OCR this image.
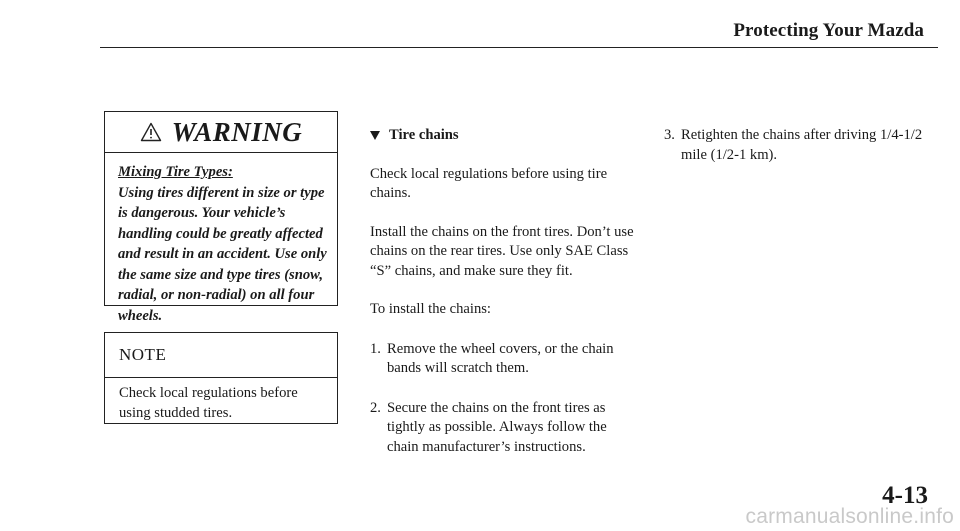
Protecting Your Mazda
WARNING
Mixing Tire Types:
Using tires different in size or type is dangerous. Your vehicle’s handling could be greatly affected and result in an accident. Use only the same size and type tires (snow, radial, or non-radial) on all four wheels.
NOTE
Check local regulations before using studded tires.
Tire chains

Check local regulations before using tire chains.

Install the chains on the front tires. Don’t use chains on the rear tires. Use only SAE Class “S” chains, and make sure they fit.

To install the chains:

1. Remove the wheel covers, or the chain bands will scratch them.
2. Secure the chains on the front tires as tightly as possible. Always follow the chain manufacturer’s instructions.
3. Retighten the chains after driving 1/4-1/2 mile (1/2-1 km).
4-13
carmanualsonline.info
